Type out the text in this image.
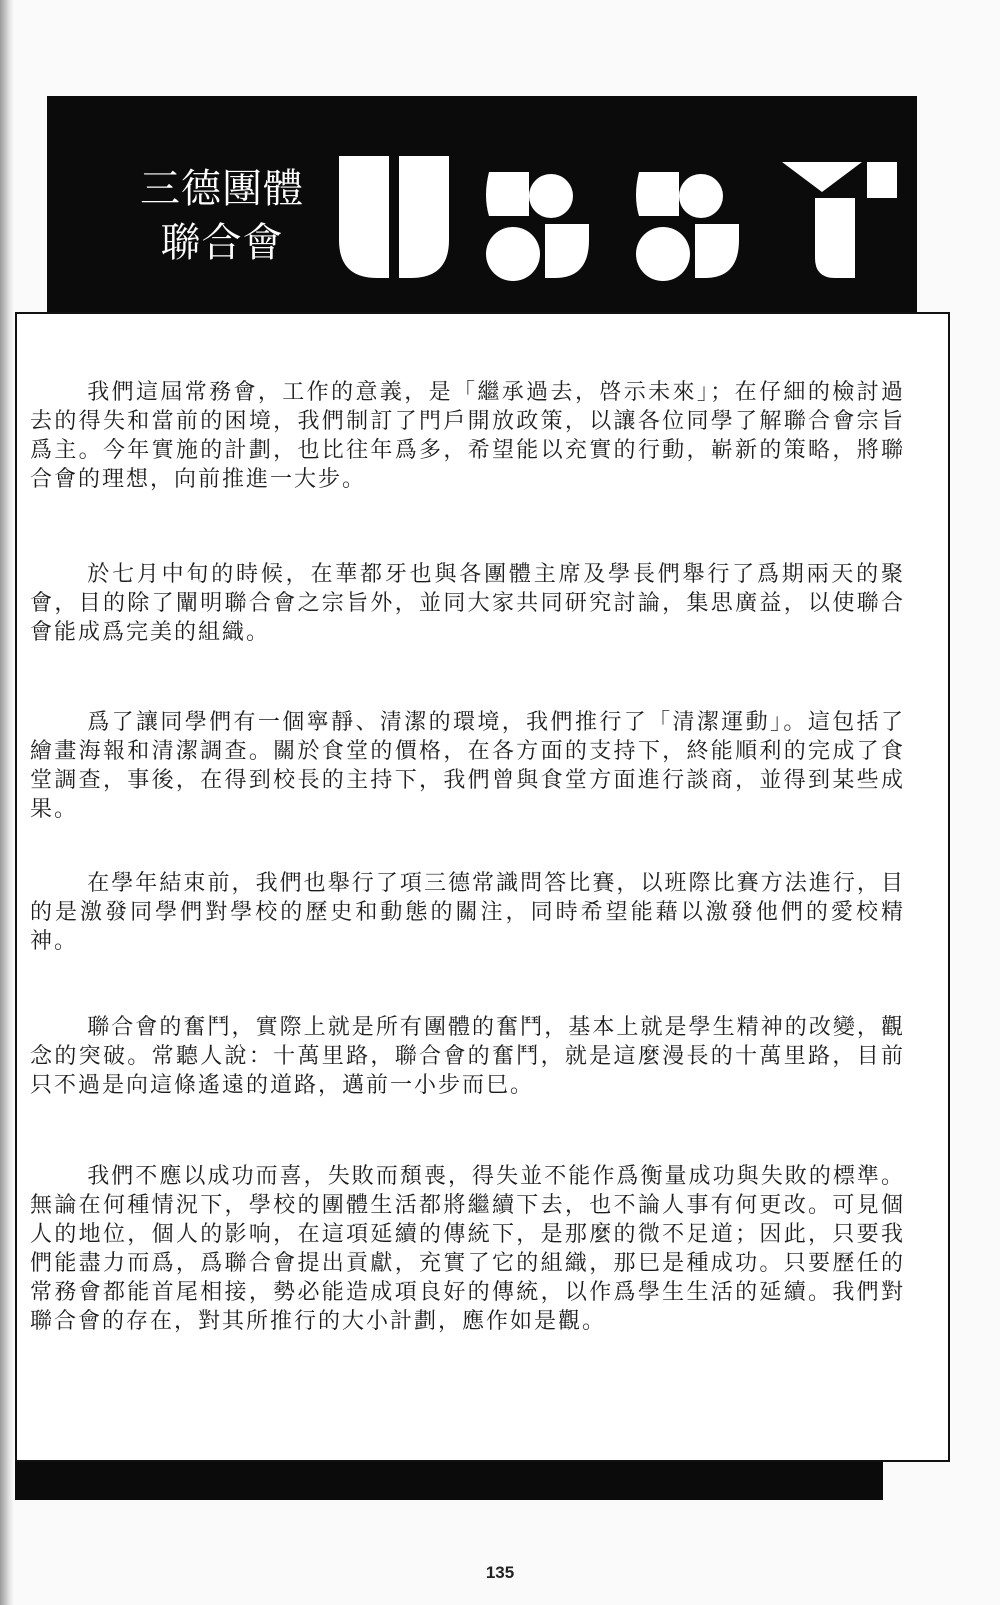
三德團體
聯合會

我們這屆常務會，工作的意義，是「繼承過去，啓示未來」；在仔細的檢討過去的得失和當前的困境，我們制訂了門戶開放政策，以讓各位同學了解聯合會宗旨爲主。今年實施的計劃，也比往年爲多，希望能以充實的行動，嶄新的策略，將聯合會的理想，向前推進一大步。

於七月中旬的時候，在華都牙也與各團體主席及學長們舉行了爲期兩天的聚會，目的除了闡明聯合會之宗旨外，並同大家共同研究討論，集思廣益，以使聯合會能成爲完美的組織。

爲了讓同學們有一個寧靜、清潔的環境，我們推行了「清潔運動」。這包括了繪畫海報和清潔調查。關於食堂的價格，在各方面的支持下，終能順利的完成了食堂調查，事後，在得到校長的主持下，我們曾與食堂方面進行談商，並得到某些成果。

在學年結束前，我們也舉行了項三德常識問答比賽，以班際比賽方法進行，目的是激發同學們對學校的歷史和動態的關注，同時希望能藉以激發他們的愛校精神。

聯合會的奮鬥，實際上就是所有團體的奮鬥，基本上就是學生精神的改變，觀念的突破。常聽人說：十萬里路，聯合會的奮鬥，就是這麼漫長的十萬里路，目前只不過是向這條遙遠的道路，邁前一小步而巳。

我們不應以成功而喜，失敗而頹喪，得失並不能作爲衡量成功與失敗的標準。無論在何種情況下，學校的團體生活都將繼續下去，也不論人事有何更改。可見個人的地位，個人的影响，在這項延續的傳統下，是那麼的微不足道；因此，只要我們能盡力而爲，爲聯合會提出貢獻，充實了它的組織，那巳是種成功。只要歷任的常務會都能首尾相接，勢必能造成項良好的傳統，以作爲學生生活的延續。我們對聯合會的存在，對其所推行的大小計劃，應作如是觀。

135
